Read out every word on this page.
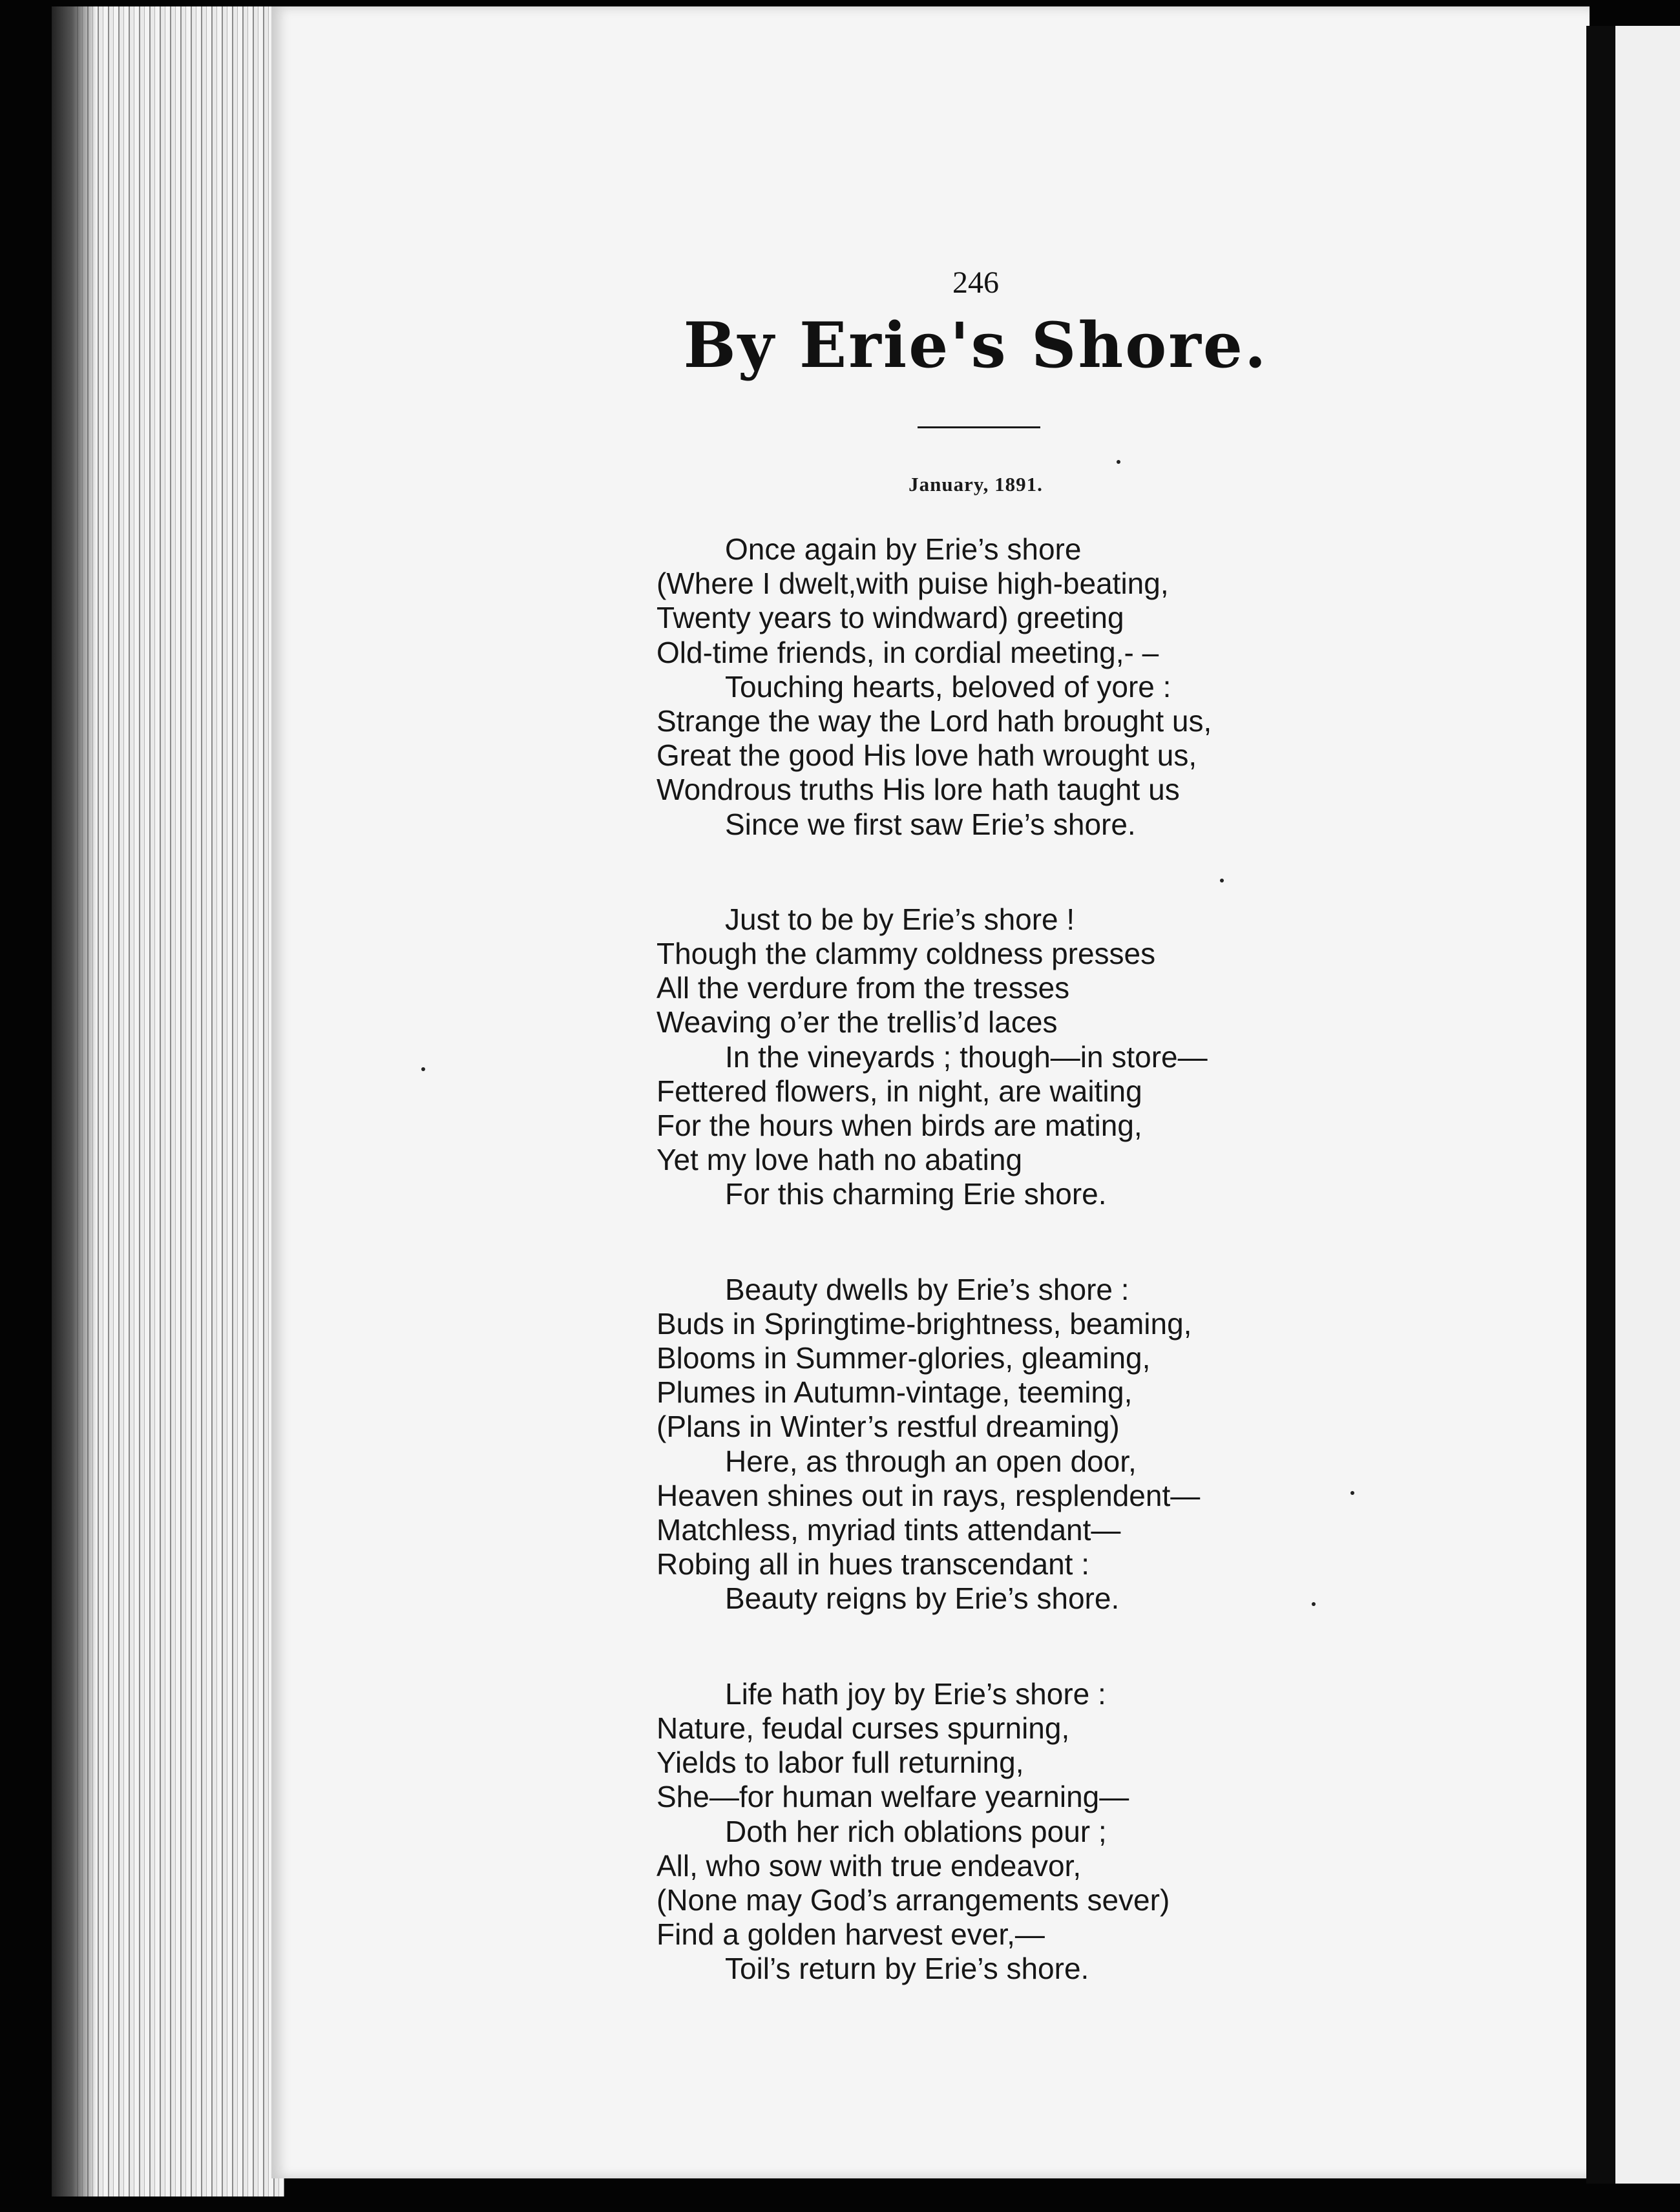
246
By Erie's Shore.
January, 1891.
Once again by Erie’s shore
(Where I dwelt,with puise high-beating,
Twenty years to windward) greeting
Old-time friends, in cordial meeting,- –
Touching hearts, beloved of yore :
Strange the way the Lord hath brought us,
Great the good His love hath wrought us,
Wondrous truths His lore hath taught us
Since we first saw Erie’s shore.
Just to be by Erie’s shore !
Though the clammy coldness presses
All the verdure from the tresses
Weaving o’er the trellis’d laces
In the vineyards ; though—in store—
Fettered flowers, in night, are waiting
For the hours when birds are mating,
Yet my love hath no abating
For this charming Erie shore.
Beauty dwells by Erie’s shore :
Buds in Springtime-brightness, beaming,
Blooms in Summer-glories, gleaming,
Plumes in Autumn-vintage, teeming,
(Plans in Winter’s restful dreaming)
Here, as through an open door,
Heaven shines out in rays, resplendent—
Matchless, myriad tints attendant—
Robing all in hues transcendant :
Beauty reigns by Erie’s shore.
Life hath joy by Erie’s shore :
Nature, feudal curses spurning,
Yields to labor full returning,
She—for human welfare yearning—
Doth her rich oblations pour ;
All, who sow with true endeavor,
(None may God’s arrangements sever)
Find a golden harvest ever,—
Toil’s return by Erie’s shore.
